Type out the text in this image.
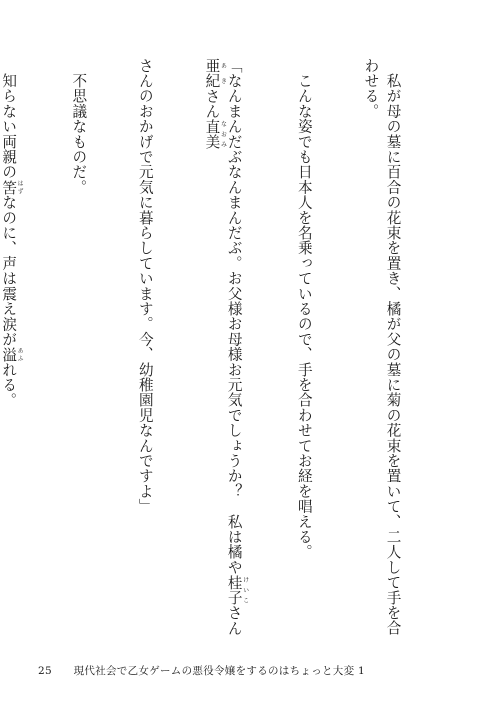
　私が母の墓に百合の花束を置き、橘が父の墓に菊の花束を置いて、二人して手を合わせる。

　こんな姿でも日本人を名乗っているので、手を合わせてお経を唱える。

「なんまんだぶなんまんだぶ。お父様お母様お元気でしょうか？　私は橘や桂子 けいこさん亜紀 あきさん直美 なおみ

さんのおかげで元気に暮らしています。今、幼稚園児なんですよ」

　不思議なものだ。

　知らない両親の筈 はずなのに、声は震え涙が溢 あふれる。

25 現代社会で乙女ゲームの悪役令嬢をするのはちょっと大変 1
